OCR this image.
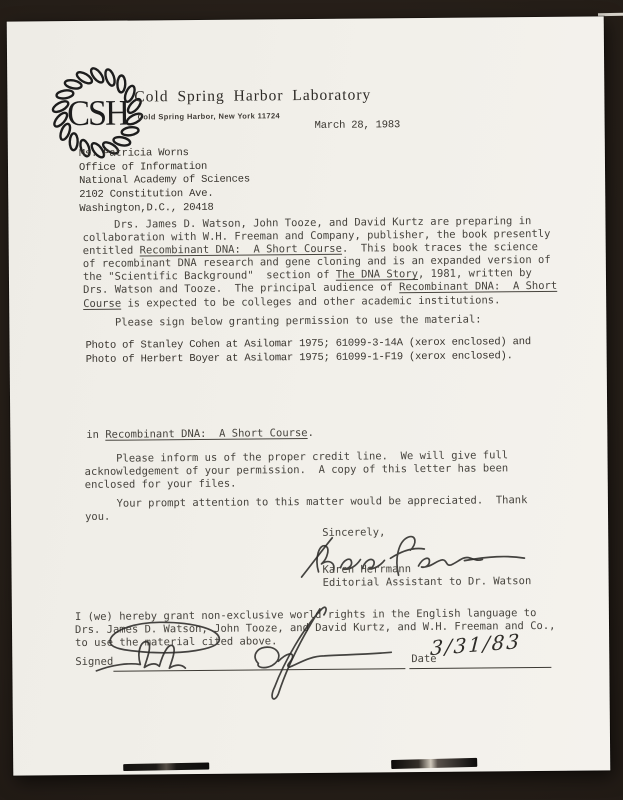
CSH Cold Spring Harbor Laboratory
Cold Spring Harbor, New York 11724
March 28, 1983
Ms. Patricia Worns
Office of Information
National Academy of Sciences
2102 Constitution Ave.
Washington,D.C., 20418
Drs. James D. Watson, John Tooze, and David Kurtz are preparing in
collaboration with W.H. Freeman and Company, publisher, the book presently
entitled Recombinant DNA:  A Short Course.  This book traces the science
of recombinant DNA research and gene cloning and is an expanded version of
the "Scientific Background"  section of The DNA Story, 1981, written by
Drs. Watson and Tooze.  The principal audience of Recombinant DNA:  A Short
Course is expected to be colleges and other academic institutions.
Please sign below granting permission to use the material:
Photo of Stanley Cohen at Asilomar 1975; 61099-3-14A (xerox enclosed) and
Photo of Herbert Boyer at Asilomar 1975; 61099-1-F19 (xerox enclosed).
in Recombinant DNA:  A Short Course.
Please inform us of the proper credit line.  We will give full
acknowledgement of your permission.  A copy of this letter has been
enclosed for your files.
Your prompt attention to this matter would be appreciated.  Thank
you.
Sincerely,
Karen Herrmann
Editorial Assistant to Dr. Watson
I (we) hereby grant non-exclusive world rights in the English language to
Drs. James D. Watson, John Tooze, and David Kurtz, and W.H. Freeman and Co.,
to use the material cited above.
Signed	Date
3/31/83
